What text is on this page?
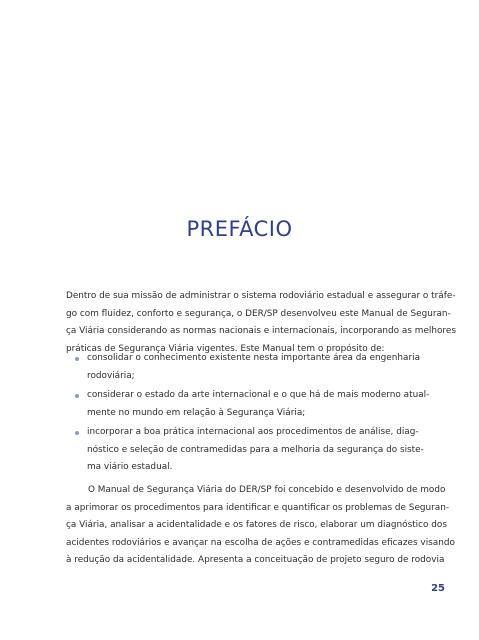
PREFÁCIO

Dentro de sua missão de administrar o sistema rodoviário estadual e assegurar o tráfe-
go com fluidez, conforto e segurança, o DER/SP desenvolveu este Manual de Seguran-
ça Viária considerando as normas nacionais e internacionais, incorporando as melhores
práticas de Segurança Viária vigentes. Este Manual tem o propósito de:

consolidar o conhecimento existente nesta importante área da engenharia
rodoviária;
considerar o estado da arte internacional e o que há de mais moderno atual-
mente no mundo em relação à Segurança Viária;
incorporar a boa prática internacional aos procedimentos de análise, diag-
nóstico e seleção de contramedidas para a melhoria da segurança do siste-
ma viário estadual.

O Manual de Segurança Viária do DER/SP foi concebido e desenvolvido de modo
a aprimorar os procedimentos para identificar e quantificar os problemas de Seguran-
ça Viária, analisar a acidentalidade e os fatores de risco, elaborar um diagnóstico dos
acidentes rodoviários e avançar na escolha de ações e contramedidas eficazes visando
à redução da acidentalidade. Apresenta a conceituação de projeto seguro de rodovia

25
